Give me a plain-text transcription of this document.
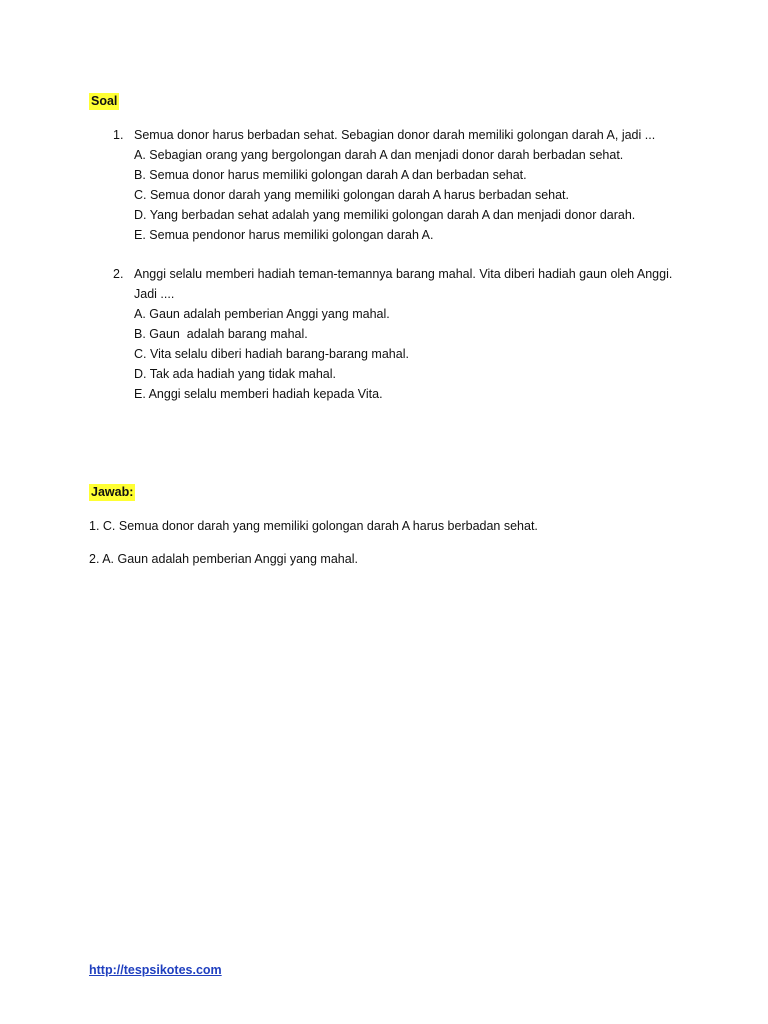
Soal
1. Semua donor harus berbadan sehat. Sebagian donor darah memiliki golongan darah A, jadi ...
A. Sebagian orang yang bergolongan darah A dan menjadi donor darah berbadan sehat.
B. Semua donor harus memiliki golongan darah A dan berbadan sehat.
C. Semua donor darah yang memiliki golongan darah A harus berbadan sehat.
D. Yang berbadan sehat adalah yang memiliki golongan darah A dan menjadi donor darah.
E. Semua pendonor harus memiliki golongan darah A.
2. Anggi selalu memberi hadiah teman-temannya barang mahal. Vita diberi hadiah gaun oleh Anggi. Jadi ....
A. Gaun adalah pemberian Anggi yang mahal.
B. Gaun  adalah barang mahal.
C. Vita selalu diberi hadiah barang-barang mahal.
D. Tak ada hadiah yang tidak mahal.
E. Anggi selalu memberi hadiah kepada Vita.
Jawab:
1. C. Semua donor darah yang memiliki golongan darah A harus berbadan sehat.
2. A. Gaun adalah pemberian Anggi yang mahal.
http://tespsikotes.com
